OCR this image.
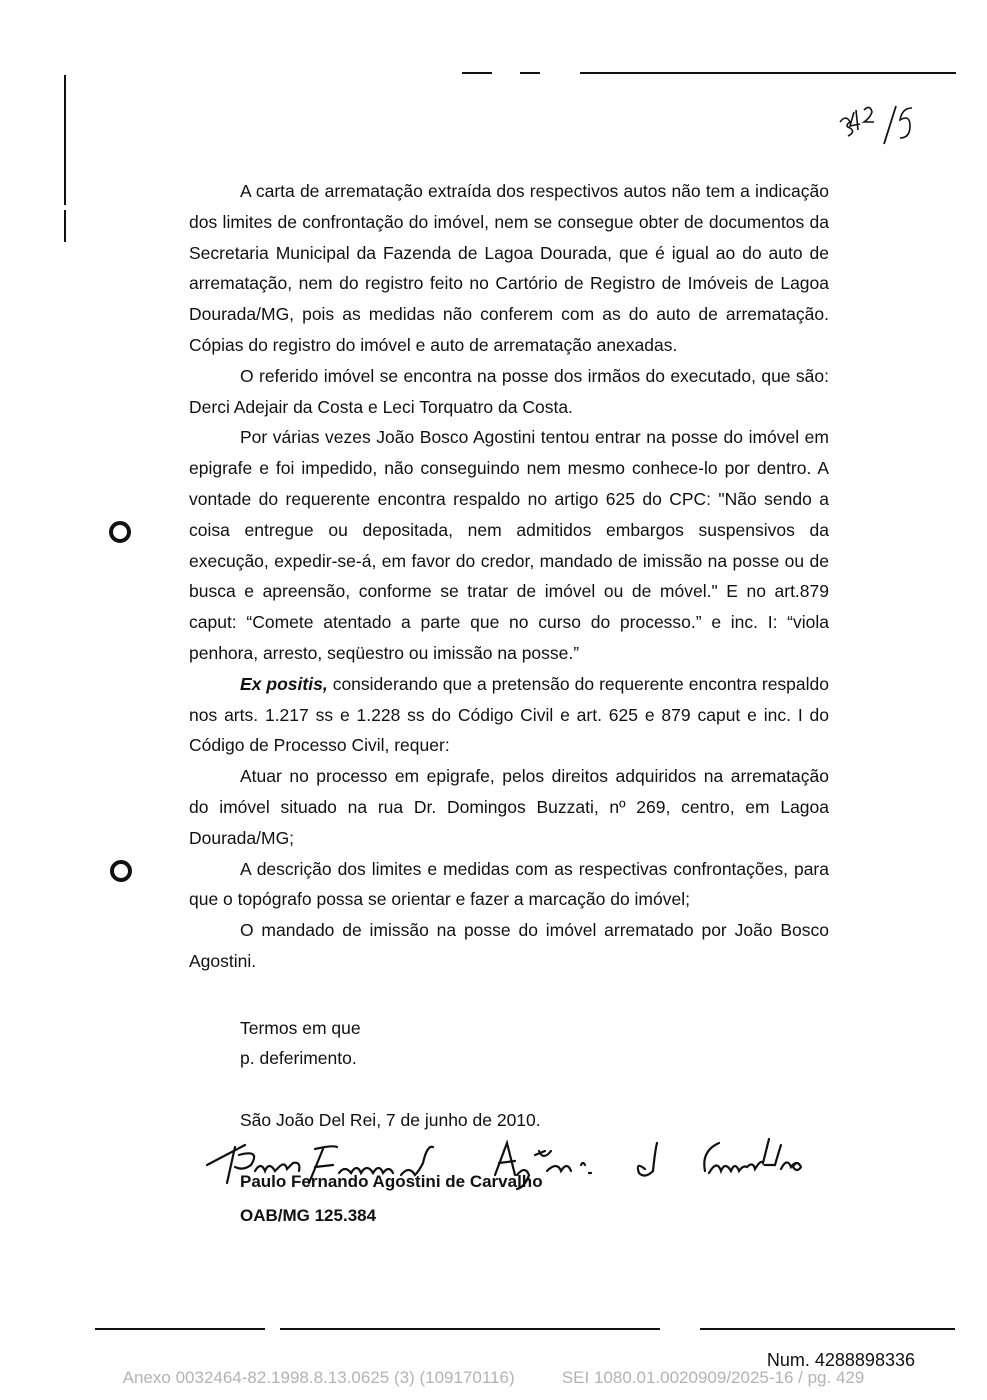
A carta de arrematação extraída dos respectivos autos não tem a indicação dos limites de confrontação do imóvel, nem se consegue obter de documentos da Secretaria Municipal da Fazenda de Lagoa Dourada, que é igual ao do auto de arrematação, nem do registro feito no Cartório de Registro de Imóveis de Lagoa Dourada/MG, pois as medidas não conferem com as do auto de arrematação. Cópias do registro do imóvel e auto de arrematação anexadas.

O referido imóvel se encontra na posse dos irmãos do executado, que são: Derci Adejair da Costa e Leci Torquatro da Costa.

Por várias vezes João Bosco Agostini tentou entrar na posse do imóvel em epigrafe e foi impedido, não conseguindo nem mesmo conhece-lo por dentro. A vontade do requerente encontra respaldo no artigo 625 do CPC: "Não sendo a coisa entregue ou depositada, nem admitidos embargos suspensivos da execução, expedir-se-á, em favor do credor, mandado de imissão na posse ou de busca e apreensão, conforme se tratar de imóvel ou de móvel." E no art.879 caput: “Comete atentado a parte que no curso do processo.” e inc. I: “viola penhora, arresto, seqüestro ou imissão na posse.”

Ex positis, considerando que a pretensão do requerente encontra respaldo nos arts. 1.217 ss e 1.228 ss do Código Civil e art. 625 e 879 caput e inc. I do Código de Processo Civil, requer:

Atuar no processo em epigrafe, pelos direitos adquiridos na arrematação do imóvel situado na rua Dr. Domingos Buzzati, nº 269, centro, em Lagoa Dourada/MG;

A descrição dos limites e medidas com as respectivas confrontações, para que o topógrafo possa se orientar e fazer a marcação do imóvel;

O mandado de imissão na posse do imóvel arrematado por João Bosco Agostini.

Termos em que
p. deferimento.
São João Del Rei, 7 de junho de 2010.
Paulo Fernando Agostini de Carvalho
OAB/MG 125.384
Num. 4288898336
Anexo 0032464-82.1998.8.13.0625 (3) (109170116)	SEI 1080.01.0020909/2025-16 / pg. 429
